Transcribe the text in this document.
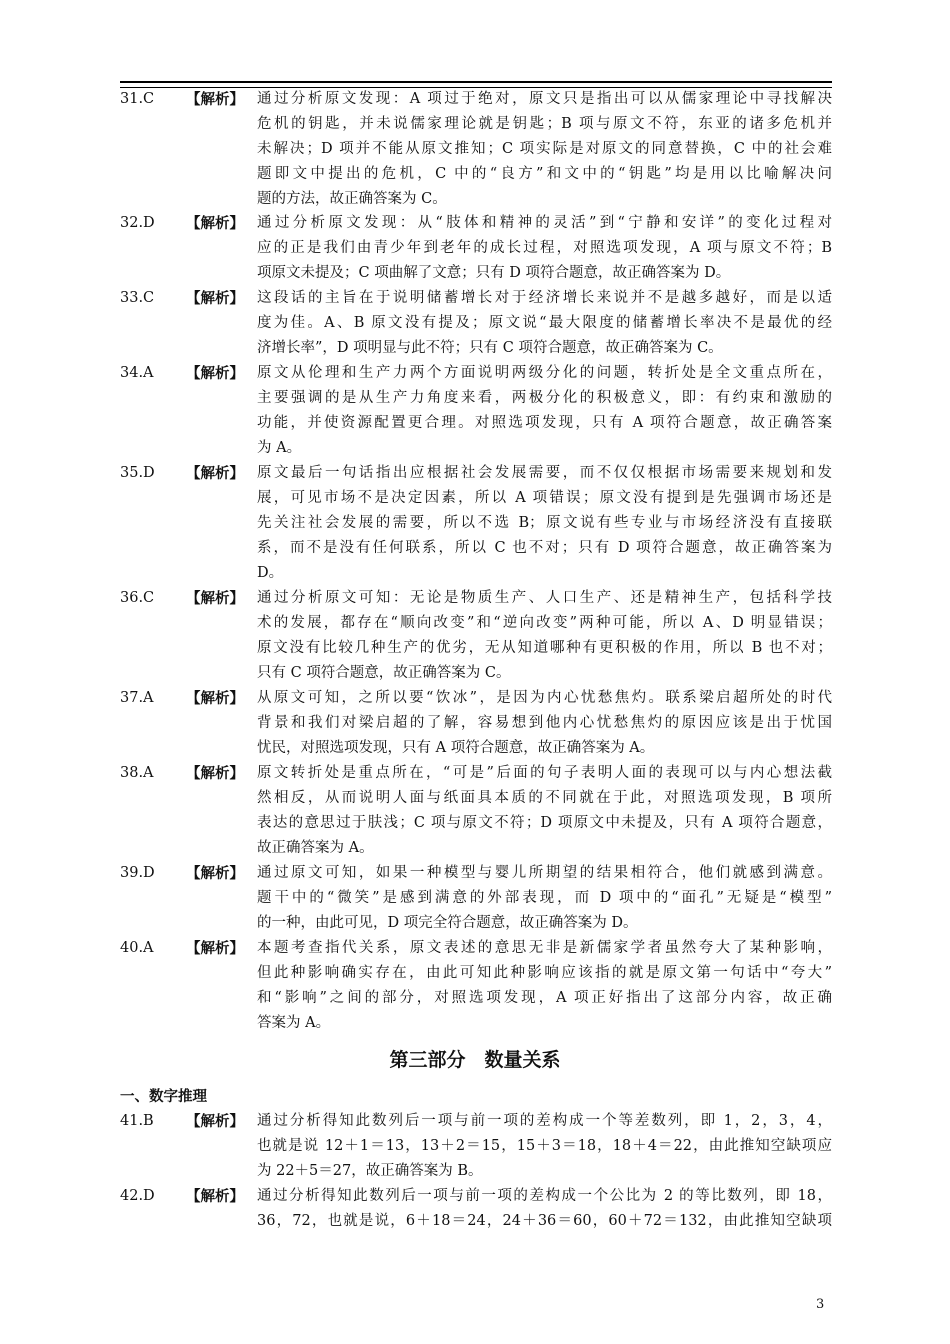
31.C 【解析】 通过分析原文发现：A 项过于绝对，原文只是指出可以从儒家理论中寻找解决
危机的钥匙，并未说儒家理论就是钥匙；B 项与原文不符，东亚的诸多危机并
未解决；D 项并不能从原文推知；C 项实际是对原文的同意替换，C 中的社会难
题即文中提出的危机，C 中的“良方”和文中的“钥匙”均是用以比喻解决问
题的方法，故正确答案为 C。
32.D 【解析】 通过分析原文发现：从“肢体和精神的灵活”到“宁静和安详”的变化过程对
应的正是我们由青少年到老年的成长过程，对照选项发现，A 项与原文不符；B
项原文未提及；C 项曲解了文意；只有 D 项符合题意，故正确答案为 D。
33.C 【解析】 这段话的主旨在于说明储蓄增长对于经济增长来说并不是越多越好，而是以适
度为佳。A、B 原文没有提及；原文说“最大限度的储蓄增长率决不是最优的经
济增长率”，D 项明显与此不符；只有 C 项符合题意，故正确答案为 C。
34.A 【解析】 原文从伦理和生产力两个方面说明两级分化的问题，转折处是全文重点所在，
主要强调的是从生产力角度来看，两极分化的积极意义，即：有约束和激励的
功能，并使资源配置更合理。对照选项发现，只有 A 项符合题意，故正确答案
为 A。
35.D 【解析】 原文最后一句话指出应根据社会发展需要，而不仅仅根据市场需要来规划和发
展，可见市场不是决定因素，所以 A 项错误；原文没有提到是先强调市场还是
先关注社会发展的需要，所以不选 B；原文说有些专业与市场经济没有直接联
系，而不是没有任何联系，所以 C 也不对；只有 D 项符合题意，故正确答案为
D。
36.C 【解析】 通过分析原文可知：无论是物质生产、人口生产、还是精神生产，包括科学技
术的发展，都存在“顺向改变”和“逆向改变”两种可能，所以 A、D 明显错误；
原文没有比较几种生产的优劣，无从知道哪种有更积极的作用，所以 B 也不对；
只有 C 项符合题意，故正确答案为 C。
37.A 【解析】 从原文可知，之所以要“饮冰”，是因为内心忧愁焦灼。联系梁启超所处的时代
背景和我们对梁启超的了解，容易想到他内心忧愁焦灼的原因应该是出于忧国
忧民，对照选项发现，只有 A 项符合题意，故正确答案为 A。
38.A 【解析】 原文转折处是重点所在，“可是”后面的句子表明人面的表现可以与内心想法截
然相反，从而说明人面与纸面具本质的不同就在于此，对照选项发现，B 项所
表达的意思过于肤浅；C 项与原文不符；D 项原文中未提及，只有 A 项符合题意，
故正确答案为 A。
39.D 【解析】 通过原文可知，如果一种模型与婴儿所期望的结果相符合，他们就感到满意。
题干中的“微笑”是感到满意的外部表现，而 D 项中的“面孔”无疑是“模型”
的一种，由此可见，D 项完全符合题意，故正确答案为 D。
40.A 【解析】 本题考查指代关系，原文表述的意思无非是新儒家学者虽然夸大了某种影响，
但此种影响确实存在，由此可知此种影响应该指的就是原文第一句话中“夸大”
和“影响”之间的部分，对照选项发现，A 项正好指出了这部分内容，故正确
答案为 A。
41.B 【解析】 通过分析得知此数列后一项与前一项的差构成一个等差数列，即 1，2，3，4，
也就是说 12＋1＝13，13＋2＝15，15＋3＝18，18＋4＝22，由此推知空缺项应
为 22＋5＝27，故正确答案为 B。
42.D 【解析】 通过分析得知此数列后一项与前一项的差构成一个公比为 2 的等比数列，即 18，
36，72，也就是说，6＋18＝24，24＋36＝60，60＋72＝132，由此推知空缺项
第三部分　数量关系
一、数字推理
3
